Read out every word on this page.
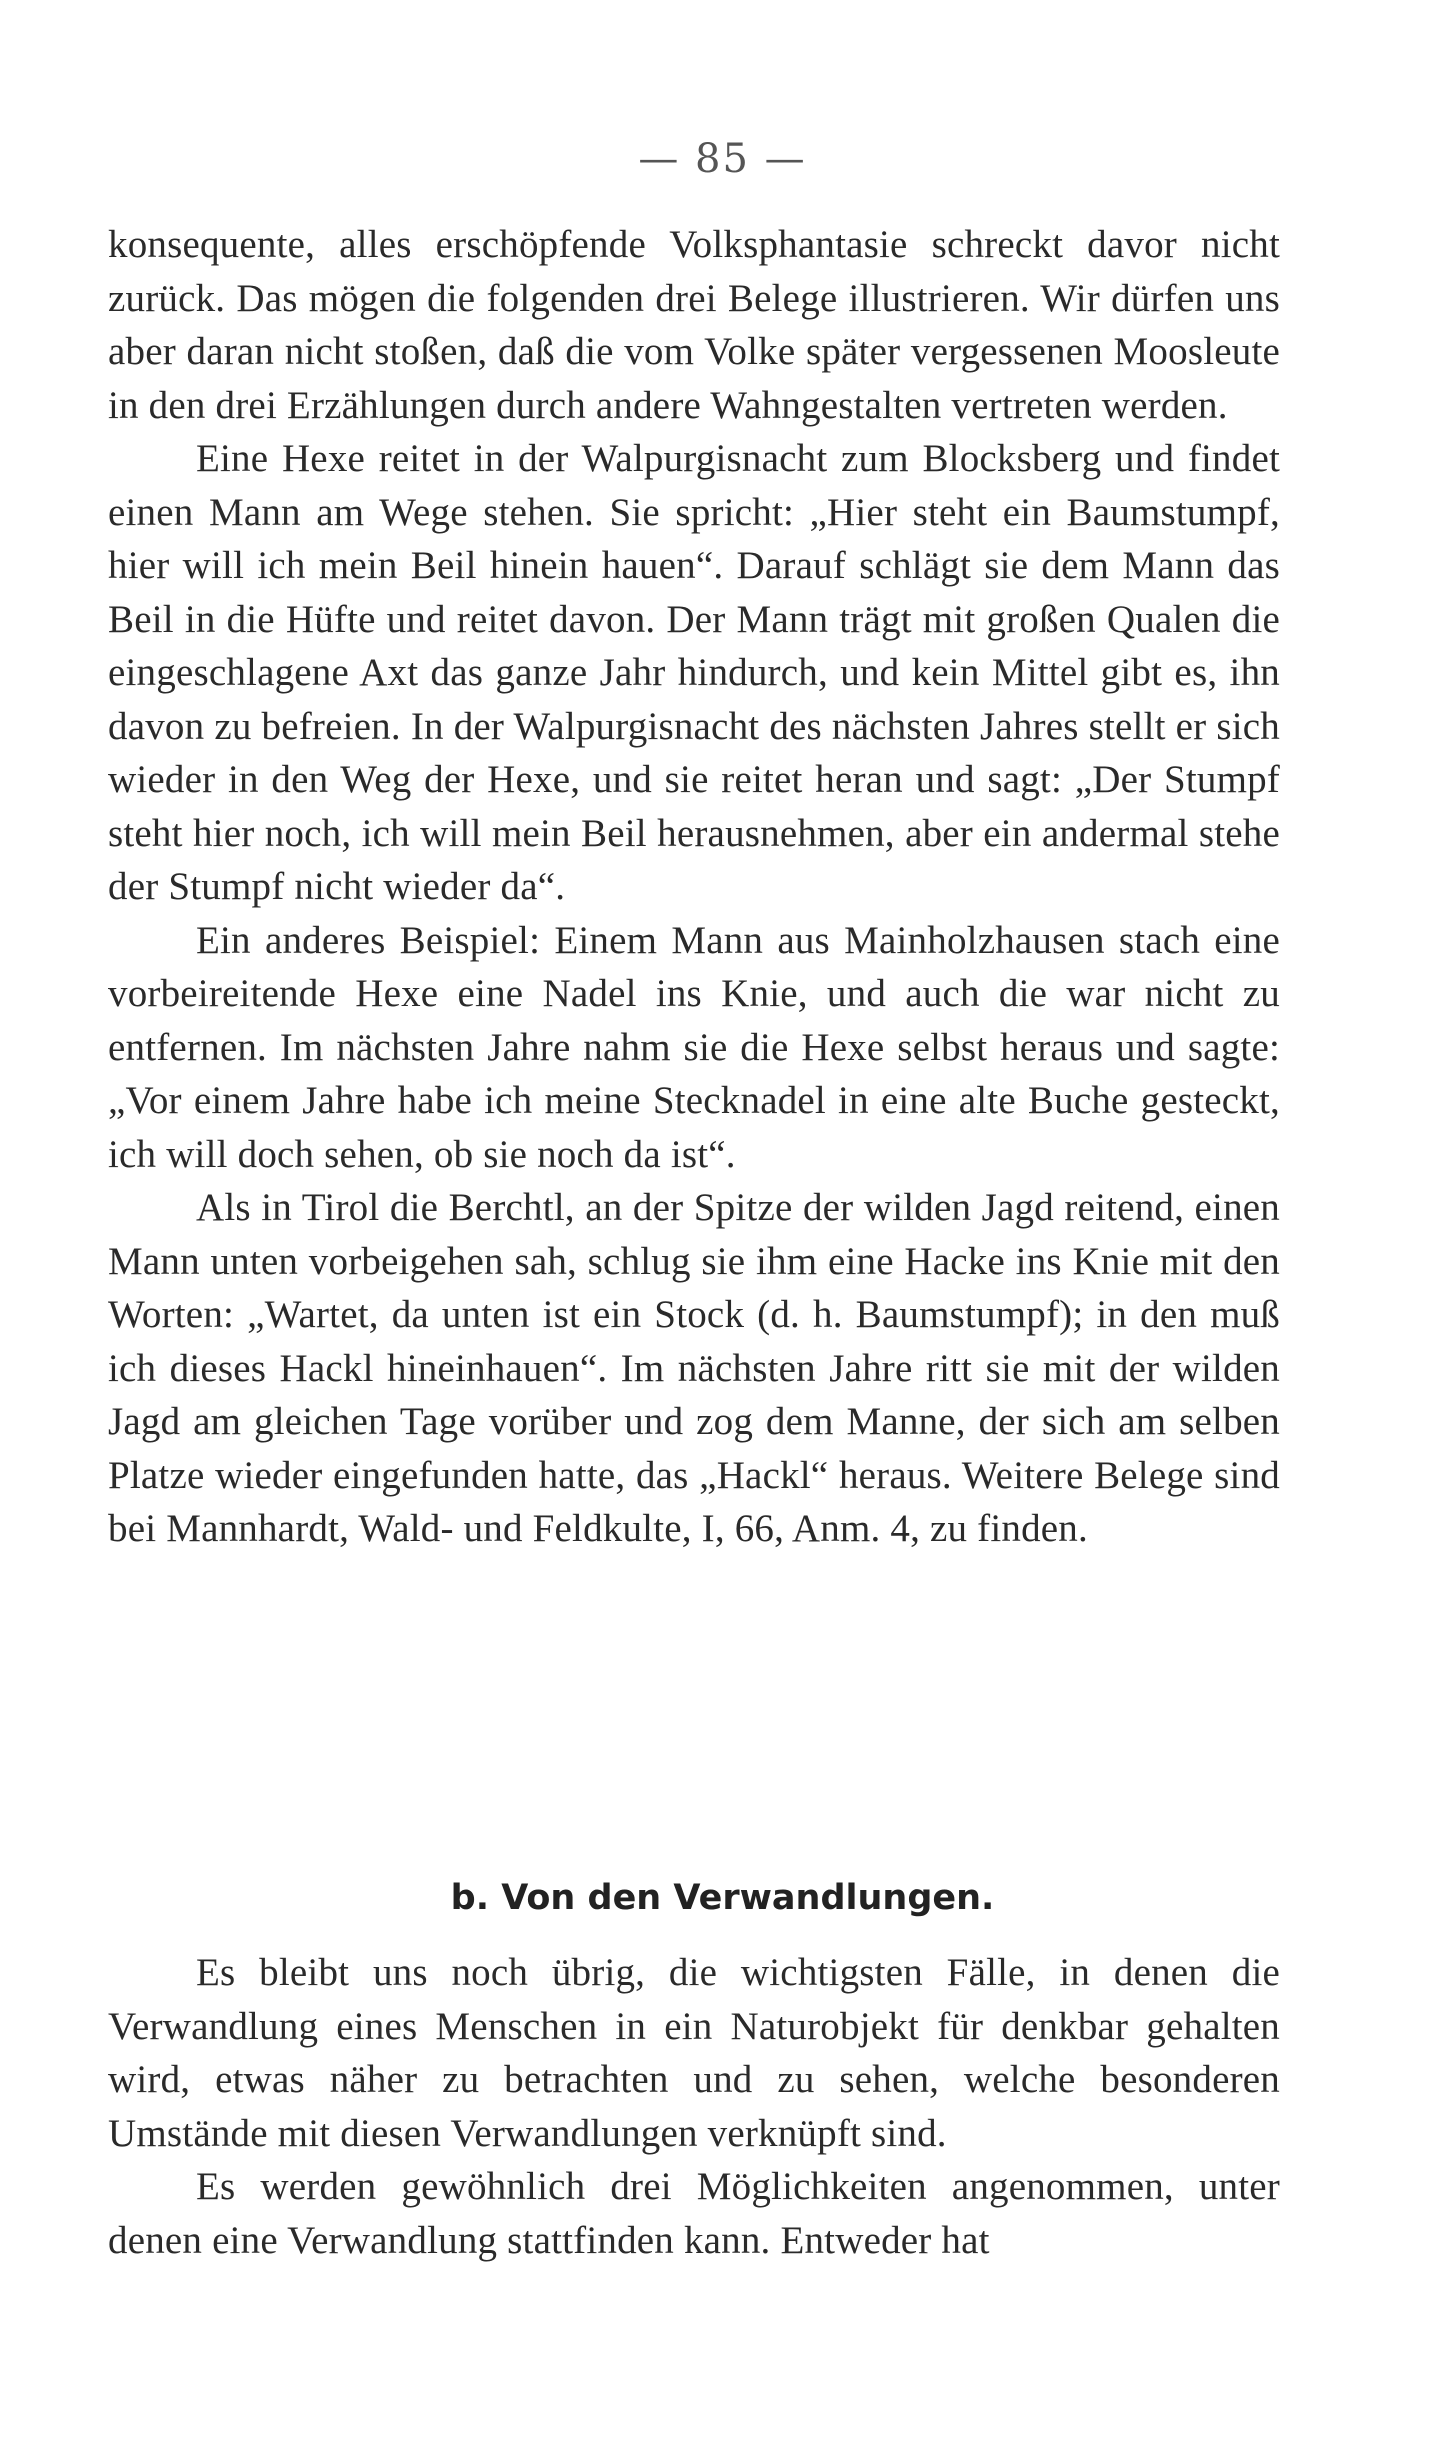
— 85 —

konsequente, alles erschöpfende Volksphantasie schreckt davor nicht zurück. Das mögen die folgenden drei Belege illustrieren. Wir dürfen uns aber daran nicht stoßen, daß die vom Volke später vergessenen Moosleute in den drei Erzählungen durch andere Wahngestalten vertreten werden.

Eine Hexe reitet in der Walpurgisnacht zum Blocksberg und findet einen Mann am Wege stehen. Sie spricht: „Hier steht ein Baumstumpf, hier will ich mein Beil hinein hauen“. Darauf schlägt sie dem Mann das Beil in die Hüfte und reitet davon. Der Mann trägt mit großen Qualen die eingeschlagene Axt das ganze Jahr hindurch, und kein Mittel gibt es, ihn davon zu befreien. In der Walpurgisnacht des nächsten Jahres stellt er sich wieder in den Weg der Hexe, und sie reitet heran und sagt: „Der Stumpf steht hier noch, ich will mein Beil herausnehmen, aber ein andermal stehe der Stumpf nicht wieder da“.

Ein anderes Beispiel: Einem Mann aus Mainholzhausen stach eine vorbeireitende Hexe eine Nadel ins Knie, und auch die war nicht zu entfernen. Im nächsten Jahre nahm sie die Hexe selbst heraus und sagte: „Vor einem Jahre habe ich meine Stecknadel in eine alte Buche gesteckt, ich will doch sehen, ob sie noch da ist“.

Als in Tirol die Berchtl, an der Spitze der wilden Jagd reitend, einen Mann unten vorbeigehen sah, schlug sie ihm eine Hacke ins Knie mit den Worten: „Wartet, da unten ist ein Stock (d. h. Baumstumpf); in den muß ich dieses Hackl hineinhauen“. Im nächsten Jahre ritt sie mit der wilden Jagd am gleichen Tage vorüber und zog dem Manne, der sich am selben Platze wieder eingefunden hatte, das „Hackl“ heraus. Weitere Belege sind bei Mannhardt, Wald- und Feldkulte, I, 66, Anm. 4, zu finden.

b. Von den Verwandlungen.

Es bleibt uns noch übrig, die wichtigsten Fälle, in denen die Verwandlung eines Menschen in ein Naturobjekt für denkbar gehalten wird, etwas näher zu betrachten und zu sehen, welche besonderen Umstände mit diesen Verwandlungen verknüpft sind.

Es werden gewöhnlich drei Möglichkeiten angenommen, unter denen eine Verwandlung stattfinden kann. Entweder hat
